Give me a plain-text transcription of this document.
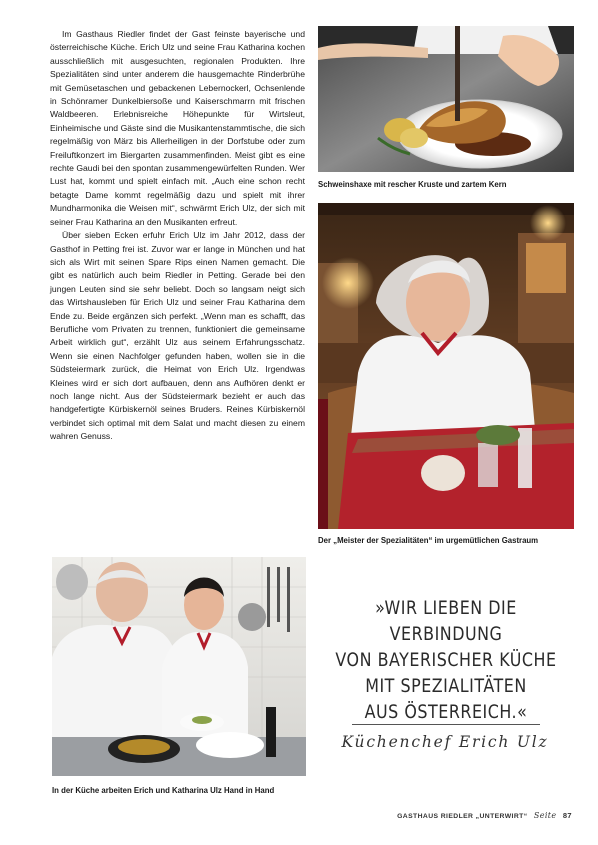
Im Gasthaus Riedler findet der Gast feinste bayerische und österreichische Küche. Erich Ulz und seine Frau Katharina kochen ausschließlich mit ausgesuchten, regionalen Produkten. Ihre Spezialitäten sind unter anderem die hausgemachte Rinderbrühe mit Gemüsetaschen und gebackenen Lebernockerl, Ochsenlende in Schönramer Dunkelbiersoße und Kaiserschmarrn mit frischen Waldbeeren. Erlebnisreiche Höhepunkte für Wirtsleut, Einheimische und Gäste sind die Musikantenstammtische, die sich regelmäßig von März bis Allerheiligen in der Dorfstube oder zum Freiluftkonzert im Biergarten zusammenfinden. Meist gibt es eine rechte Gaudi bei den spontan zusammengewürfelten Runden. Wer Lust hat, kommt und spielt einfach mit. „Auch eine schon recht betagte Dame kommt regelmäßig dazu und spielt mit ihrer Mundharmonika die Weisen mit“, schwärmt Erich Ulz, der sich mit seiner Frau Katharina an den Musikanten erfreut.

Über sieben Ecken erfuhr Erich Ulz im Jahr 2012, dass der Gasthof in Petting frei ist. Zuvor war er lange in München und hat sich als Wirt mit seinen Spare Rips einen Namen gemacht. Die gibt es natürlich auch beim Riedler in Petting. Gerade bei den jungen Leuten sind sie sehr beliebt. Doch so langsam neigt sich das Wirtshausleben für Erich Ulz und seiner Frau Katharina dem Ende zu. Beide ergänzen sich perfekt. „Wenn man es schafft, das Berufliche vom Privaten zu trennen, funktioniert die gemeinsame Arbeit wirklich gut“, erzählt Ulz aus seinem Erfahrungsschatz. Wenn sie einen Nachfolger gefunden haben, wollen sie in die Südsteiermark zurück, die Heimat von Erich Ulz. Irgendwas Kleines wird er sich dort aufbauen, denn ans Aufhören denkt er noch lange nicht. Aus der Südsteiermark bezieht er auch das handgefertigte Kürbiskernöl seines Bruders. Reines Kürbiskernöl verbindet sich optimal mit dem Salat und macht diesen zu einem wahren Genuss.

Schweinshaxe mit rescher Kruste und zartem Kern
Der „Meister der Spezialitäten“ im urgemütlichen Gastraum
In der Küche arbeiten Erich und Katharina Ulz Hand in Hand
»WIR LIEBEN DIE VERBINDUNG
VON BAYERISCHER KÜCHE
MIT SPEZIALITÄTEN
AUS ÖSTERREICH.«
Küchenchef Erich Ulz
GASTHAUS RIEDLER „UNTERWIRT“ Seite 87
